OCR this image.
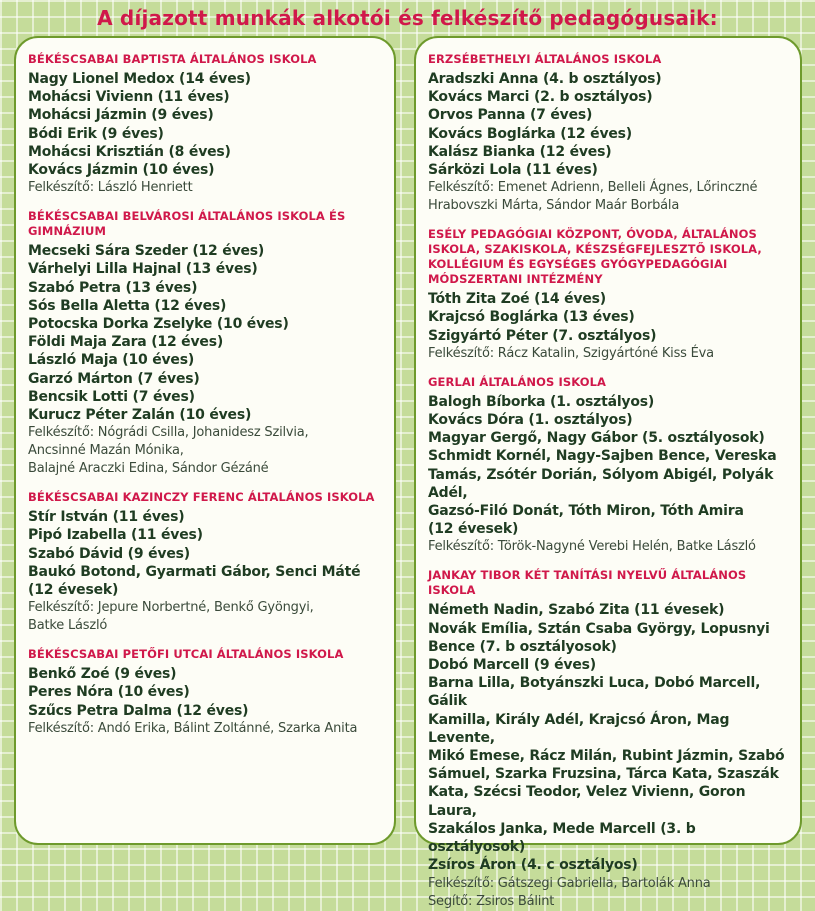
A díjazott munkák alkotói és felkészítő pedagógusaik:
BÉKÉSCSABAI BAPTISTA ÁLTALÁNOS ISKOLA
Nagy Lionel Medox (14 éves)
Mohácsi Vivienn (11 éves)
Mohácsi Jázmin (9 éves)
Bódi Erik (9 éves)
Mohácsi Krisztián (8 éves)
Kovács Jázmin (10 éves)
Felkészítő: László Henriett
BÉKÉSCSABAI BELVÁROSI ÁLTALÁNOS ISKOLA ÉS GIMNÁZIUM
Mecseki Sára Szeder (12 éves)
Várhelyi Lilla Hajnal (13 éves)
Szabó Petra (13 éves)
Sós Bella Aletta (12 éves)
Potocska Dorka Zselyke (10 éves)
Földi Maja Zara (12 éves)
László Maja (10 éves)
Garzó Márton (7 éves)
Bencsik Lotti (7 éves)
Kurucz Péter Zalán (10 éves)
Felkészítő: Nógrádi Csilla, Johanidesz Szilvia,
Ancsinné Mazán Mónika,
Balajné Araczki Edina, Sándor Gézáné
BÉKÉSCSABAI KAZINCZY FERENC ÁLTALÁNOS ISKOLA
Stír István (11 éves)
Pipó Izabella (11 éves)
Szabó Dávid (9 éves)
Baukó Botond, Gyarmati Gábor, Senci Máté
(12 évesek)
Felkészítő: Jepure Norbertné, Benkő Gyöngyi,
Batke László
BÉKÉSCSABAI PETŐFI UTCAI ÁLTALÁNOS ISKOLA
Benkő Zoé (9 éves)
Peres Nóra (10 éves)
Szűcs Petra Dalma (12 éves)
Felkészítő: Andó Erika, Bálint Zoltánné, Szarka Anita
ERZSÉBETHELYI ÁLTALÁNOS ISKOLA
Aradszki Anna (4. b osztályos)
Kovács Marci (2. b osztályos)
Orvos Panna (7 éves)
Kovács Boglárka (12 éves)
Kalász Bianka (12 éves)
Sárközi Lola (11 éves)
Felkészítő: Emenet Adrienn, Belleli Ágnes, Lőrinczné
Hrabovszki Márta, Sándor Maár Borbála
ESÉLY PEDAGÓGIAI KÖZPONT, ÓVODA, ÁLTALÁNOS ISKOLA, SZAKISKOLA, KÉSZSÉGFEJLESZTŐ ISKOLA, KOLLÉGIUM ÉS EGYSÉGES GYÓGYPEDAGÓGIAI MÓDSZERTANI INTÉZMÉNY
Tóth Zita Zoé (14 éves)
Krajcsó Boglárka (13 éves)
Szigyártó Péter (7. osztályos)
Felkészítő: Rácz Katalin, Szigyártóné Kiss Éva
GERLAI ÁLTALÁNOS ISKOLA
Balogh Bíborka (1. osztályos)
Kovács Dóra (1. osztályos)
Magyar Gergő, Nagy Gábor (5. osztályosok)
Schmidt Kornél, Nagy-Sajben Bence, Vereska
Tamás, Zsótér Dorián, Sólyom Abigél, Polyák Adél,
Gazsó-Filó Donát, Tóth Miron, Tóth Amira
(12 évesek)
Felkészítő: Török-Nagyné Verebi Helén, Batke László
JANKAY TIBOR KÉT TANÍTÁSI NYELVŰ ÁLTALÁNOS ISKOLA
Németh Nadin, Szabó Zita (11 évesek)
Novák Emília, Sztán Csaba György, Lopusnyi
Bence (7. b osztályosok)
Dobó Marcell (9 éves)
Barna Lilla, Botyánszki Luca, Dobó Marcell, Gálik
Kamilla, Király Adél, Krajcsó Áron, Mag Levente,
Mikó Emese, Rácz Milán, Rubint Jázmin, Szabó
Sámuel, Szarka Fruzsina, Tárca Kata, Szaszák
Kata, Szécsi Teodor, Velez Vivienn, Goron Laura,
Szakálos Janka, Mede Marcell (3. b osztályosok)
Zsíros Áron (4. c osztályos)
Felkészítő: Gátszegi Gabriella, Bartolák Anna
Segítő: Zsiros Bálint
